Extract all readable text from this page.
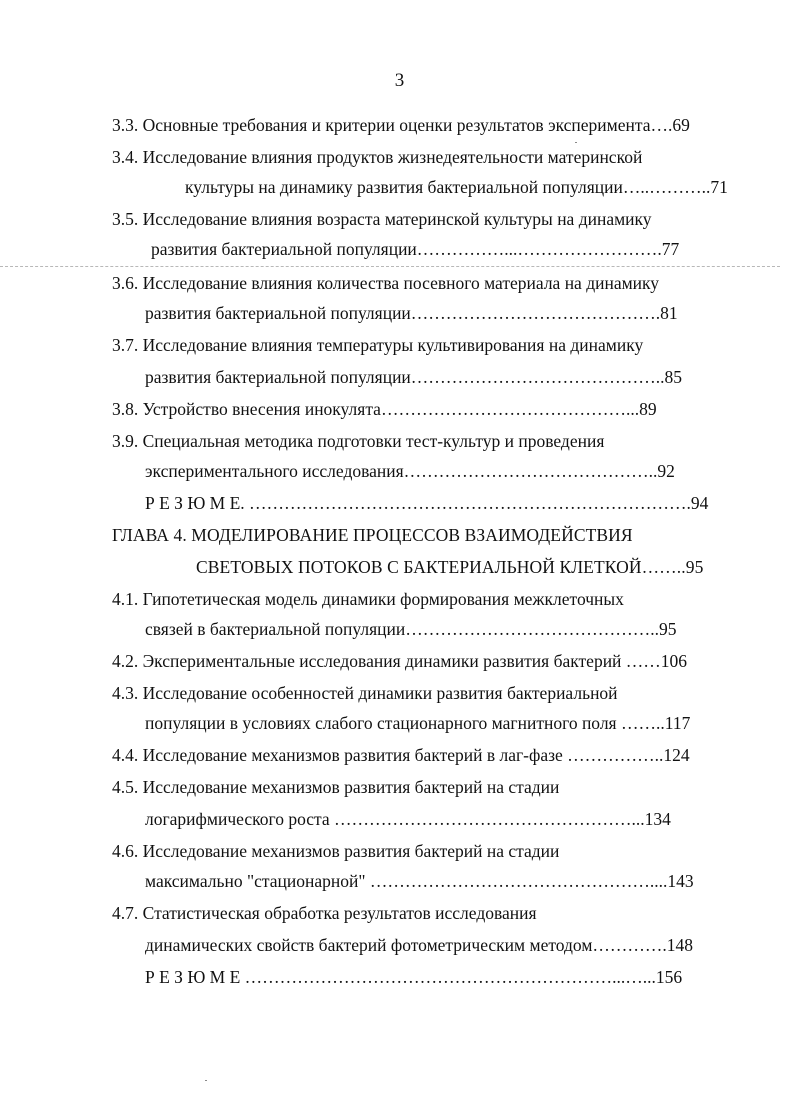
3
3.3. Основные требования и критерии оценки результатов эксперимента….69
3.4. Исследование влияния продуктов жизнедеятельности материнской
культуры на динамику развития бактериальной популяции…..………..71
3.5. Исследование влияния возраста материнской культуры на динамику
развития бактериальной популяции……………...…………………….77
3.6. Исследование влияния количества посевного материала на динамику
развития бактериальной популяции…………………………………….81
3.7. Исследование влияния температуры культивирования на динамику
развития бактериальной популяции……………………………………..85
3.8. Устройство внесения инокулята……………………………………...89
3.9. Специальная методика подготовки тест-культур и проведения
экспериментального исследования……………………………………..92
Р Е З Ю М Е. ………………………………………………………………….94
ГЛАВА 4. МОДЕЛИРОВАНИЕ ПРОЦЕССОВ ВЗАИМОДЕЙСТВИЯ
СВЕТОВЫХ ПОТОКОВ С БАКТЕРИАЛЬНОЙ КЛЕТКОЙ……..95
4.1. Гипотетическая модель динамики формирования межклеточных
связей в бактериальной популяции……………………………………..95
4.2. Экспериментальные исследования динамики развития бактерий ……106
4.3. Исследование особенностей динамики развития бактериальной
популяции в условиях слабого стационарного магнитного поля ……..117
4.4. Исследование механизмов развития бактерий в лаг-фазе ……………..124
4.5. Исследование механизмов развития бактерий на стадии
логарифмического роста ……………………………………………...134
4.6. Исследование механизмов развития бактерий на стадии
максимально "стационарной" …………………………………………....143
4.7. Статистическая обработка результатов исследования
динамических свойств бактерий фотометрическим методом………….148
Р Е З Ю М Е ………………………………………………………...…...156
